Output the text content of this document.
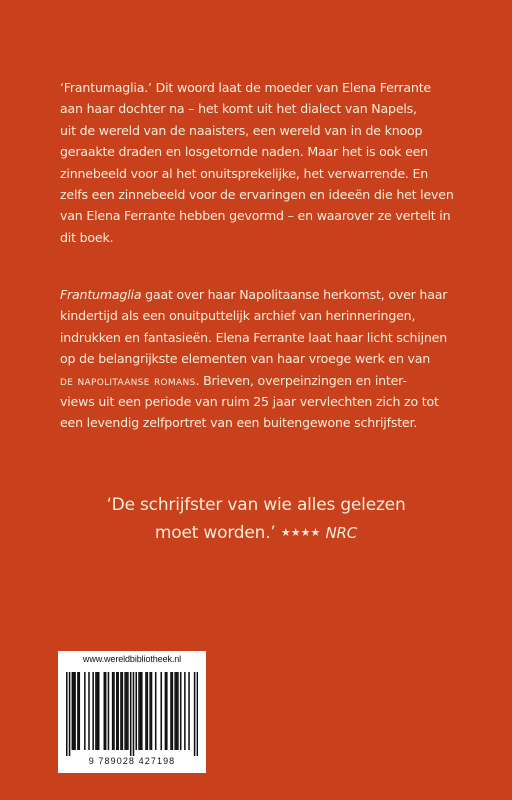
‘Frantumaglia.’ Dit woord laat de moeder van Elena Ferrante
aan haar dochter na – het komt uit het dialect van Napels,
uit de wereld van de naaisters, een wereld van in de knoop
geraakte draden en losgetornde naden. Maar het is ook een
zinnebeeld voor al het onuitsprekelijke, het verwarrende. En
zelfs een zinnebeeld voor de ervaringen en ideeën die het leven
van Elena Ferrante hebben gevormd – en waarover ze vertelt in
dit boek.
Frantumaglia gaat over haar Napolitaanse herkomst, over haar
kindertijd als een onuitputtelijk archief van herinneringen,
indrukken en fantasieën. Elena Ferrante laat haar licht schijnen
op de belangrijkste elementen van haar vroege werk en van
de napolitaanse romans. Brieven, overpeinzingen en inter-
views uit een periode van ruim 25 jaar vervlechten zich zo tot
een levendig zelfportret van een buitengewone schrijfster.
‘De schrijfster van wie alles gelezen
moet worden.’ ★★★★ NRC
www.wereldbibliotheek.nl
9 789028 427198
